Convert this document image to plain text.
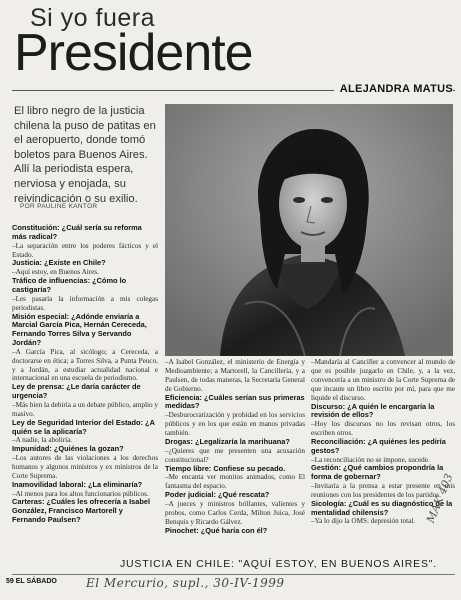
Si yo fuera
Presidente
ALEJANDRA MATUS
El libro negro de la justicia chilena la puso de patitas en el aeropuerto, donde tomó boletos para Buenos Aires. Allí la periodista espera, nerviosa y enojada, su reivindicación o su exilio.
POR PAULINE KANTOR

Constitución: ¿Cuál sería su reforma más radical?

–La separación entre los poderes fácticos y el Estado.

Justicia: ¿Existe en Chile?

–Aquí estoy, en Buenos Aires.

Tráfico de influencias: ¿Cómo lo castigaría?

–Les pasaría la información a mis colegas periodistas.

Misión especial: ¿Adónde enviaría a Marcial García Pica, Hernán Cereceda, Fernando Torres Silva y Servando Jordán?

–A García Pica, al sicólogo; a Cereceda, a doctorarse en ética; a Torres Silva, a Punta Peuco, y a Jordán, a estudiar actualidad nacional e internacional en una escuela de periodismo.

Ley de prensa: ¿Le daría carácter de urgencia?

–Más bien la debiría a un debate público, amplio y masivo.

Ley de Seguridad Interior del Estado: ¿A quién se la aplicaría?

–A nadie, la aboliría.

Impunidad: ¿Quiénes la gozan?

–Los autores de las violaciones a los derechos humanos y algunos ministros y ex ministros de la Corte Suprema.

Inamovilidad laboral: ¿La eliminaría?

–Al menos para los altos funcionarios públicos.

Carteras: ¿Cuáles les ofrecería a Isabel González, Francisco Martorell y Fernando Paulsen?

–A Isabel González, el ministerio de Energía y Medioambiente; a Martorell, la Cancillería, y a Paulsen, de todas maneras, la Secretaría General de Gobierno.

Eficiencia: ¿Cuáles serían sus primeras medidas?

–Desburocratización y probidad en los servicios públicos y en los que están en manos privadas también.

Drogas: ¿Legalizaría la marihuana?

–¿Quieres que me presenten una acusación constitucional?

Tiempo libre: Confiese su pecado.

–Me encanta ver monitos animados, como El fantasma del espacio.

Poder judicial: ¿Qué rescata?

–A jueces y ministros brillantes, valientes y probos, como Carlos Cerda, Milton Juica, José Benquis y Ricardo Gálvez.

Pinochet: ¿Qué haría con él?

–Mandaría al Canciller a convencer al mundo de que es posible juzgarlo en Chile, y, a la vez, convencería a un ministro de la Corte Suprema de que incaute un libro escrito por mí, para que me liquide el discurso.

Discurso: ¿A quién le encargaría la revisión de ellos?

–Hoy los discursos no los revisan otros, los escriben otros.

Reconciliación: ¿A quiénes les pediría gestos?

–La reconciliación no se impone, sucede.

Gestión: ¿Qué cambios propondría la forma de gobernar?

–Invitaría a la prensa a estar presente en mis reuniones con los presidentes de los partidos.

Sicología: ¿Cuál es su diagnóstico de la mentalidad chilensis?

–Ya lo dijo la OMS: depresión total.

JUSTICIA EN CHILE: "AQUÍ ESTOY, EN BUENOS AIRES".
59 EL SÁBADO El Mercurio, supl., 30-IV-1999
MAK 403
